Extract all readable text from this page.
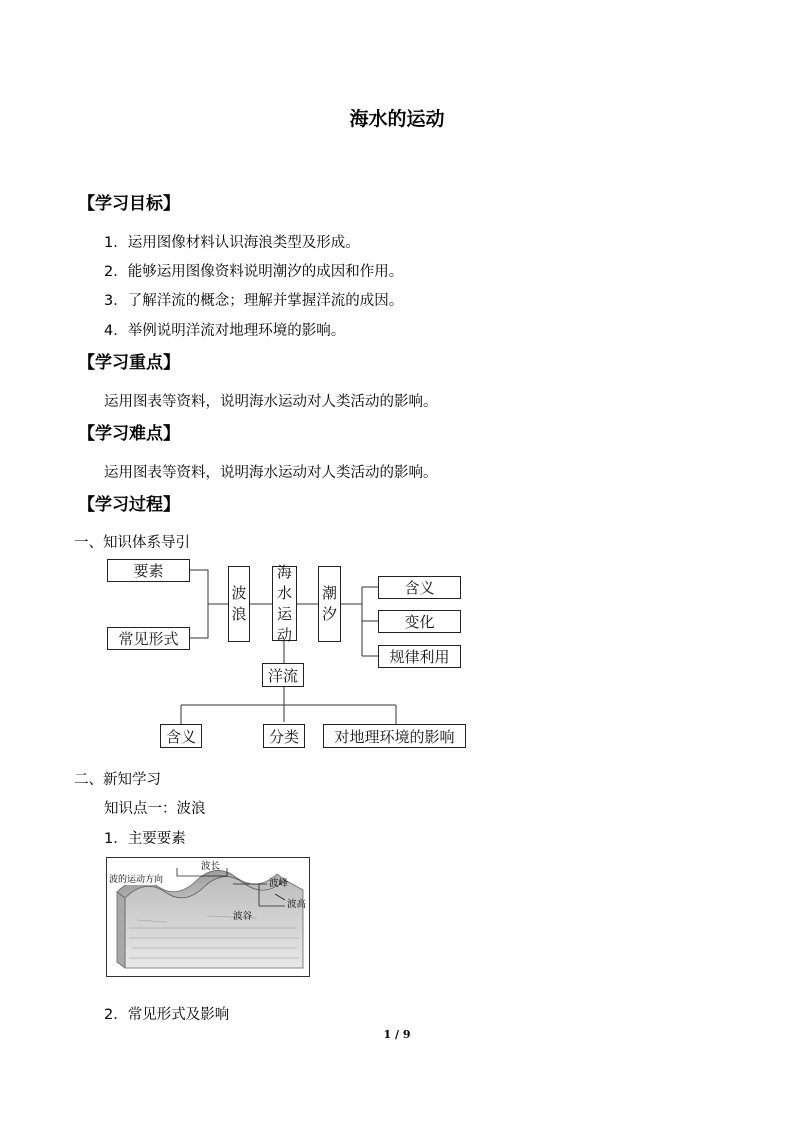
海水的运动
【学习目标】
1．运用图像材料认识海浪类型及形成。
2．能够运用图像资料说明潮汐的成因和作用。
3．了解洋流的概念；理解并掌握洋流的成因。
4．举例说明洋流对地理环境的影响。
【学习重点】
运用图表等资料，说明海水运动对人类活动的影响。
【学习难点】
运用图表等资料，说明海水运动对人类活动的影响。
【学习过程】
一、知识体系导引
要素
常见形式
波
浪
海
水
运
动
潮
汐
含义
变化
规律利用
洋流
含义	分类 对地理环境的影响
二、新知学习
知识点一：波浪
1．主要要素
波的运动方向
波长
波峰
波高
波谷
2．常见形式及影响
1 / 9
